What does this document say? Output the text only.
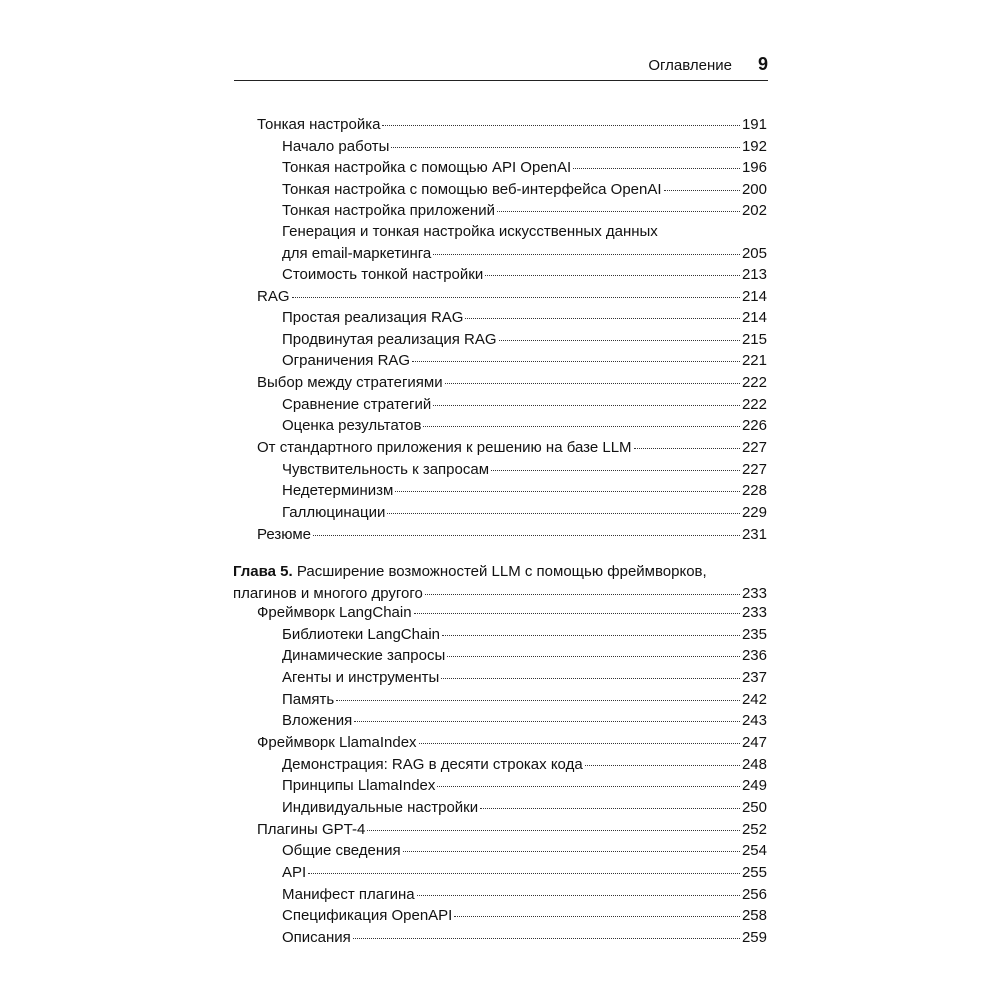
Оглавление 9
Тонкая настройка	191
Начало работы	192
Тонкая настройка с помощью API OpenAI	196
Тонкая настройка с помощью веб-интерфейса OpenAI	200
Тонкая настройка приложений	202
Генерация и тонкая настройка искусственных данных
для email-маркетинга	205
Стоимость тонкой настройки	213
RAG	214
Простая реализация RAG	214
Продвинутая реализация RAG	215
Ограничения RAG	221
Выбор между стратегиями	222
Сравнение стратегий	222
Оценка результатов	226
От стандартного приложения к решению на базе LLM	227
Чувствительность к запросам	227
Недетерминизм	228
Галлюцинации	229
Резюме	231
Глава 5. Расширение возможностей LLM с помощью фреймворков,
плагинов и многого другого	233
Фреймворк LangChain	233
Библиотеки LangChain	235
Динамические запросы	236
Агенты и инструменты	237
Память	242
Вложения	243
Фреймворк LlamaIndex	247
Демонстрация: RAG в десяти строках кода	248
Принципы LlamaIndex	249
Индивидуальные настройки	250
Плагины GPT-4	252
Общие сведения	254
API	255
Манифест плагина	256
Спецификация OpenAPI	258
Описания	259
